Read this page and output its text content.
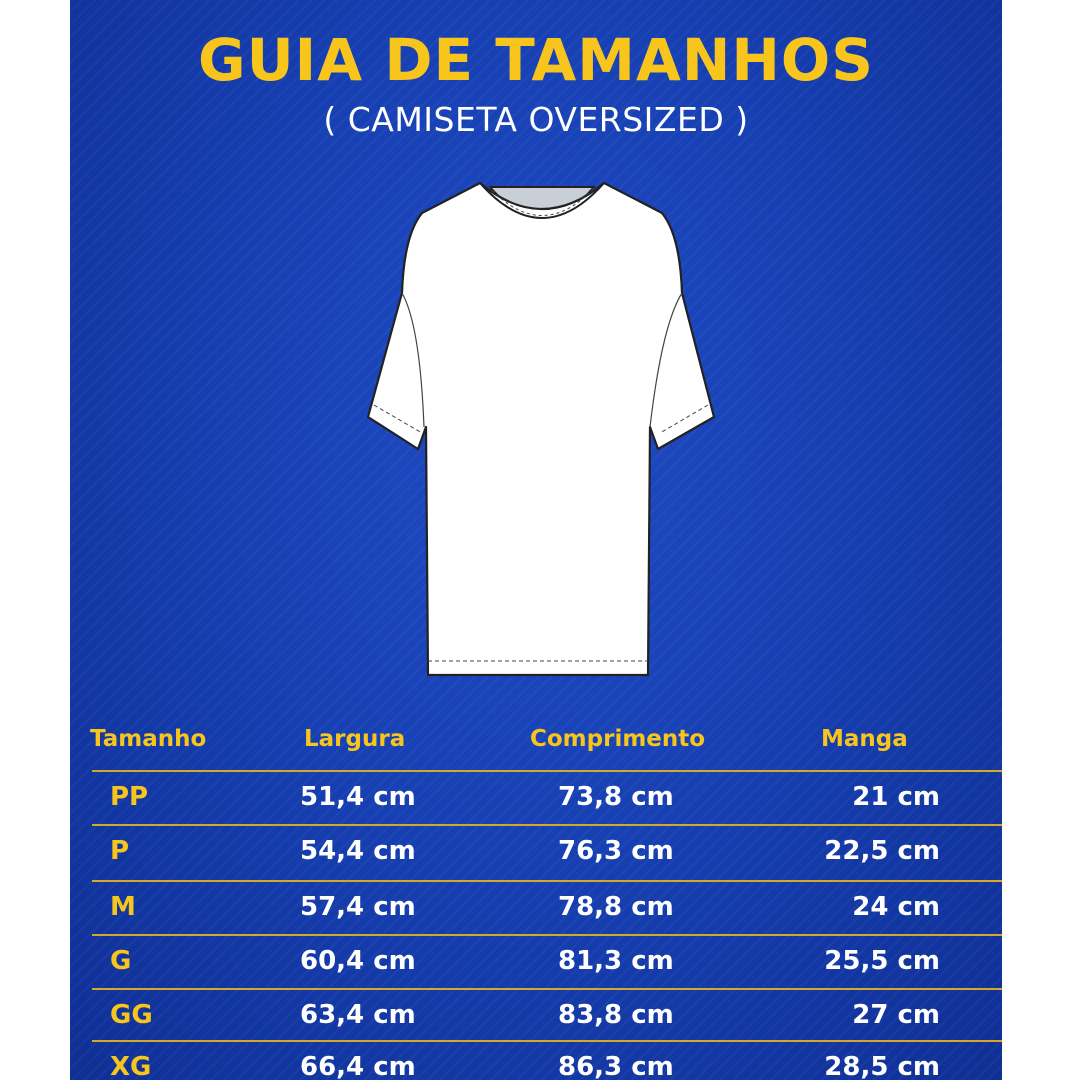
GUIA DE TAMANHOS
( CAMISETA OVERSIZED )
Tamanho	Largura	Comprimento	Manga
PP	51,4 cm	73,8 cm	21 cm
P	54,4 cm	76,3 cm	22,5 cm
M	57,4 cm	78,8 cm	24 cm
G	60,4 cm	81,3 cm	25,5 cm
GG	63,4 cm	83,8 cm	27 cm
XG	66,4 cm	86,3 cm	28,5 cm
